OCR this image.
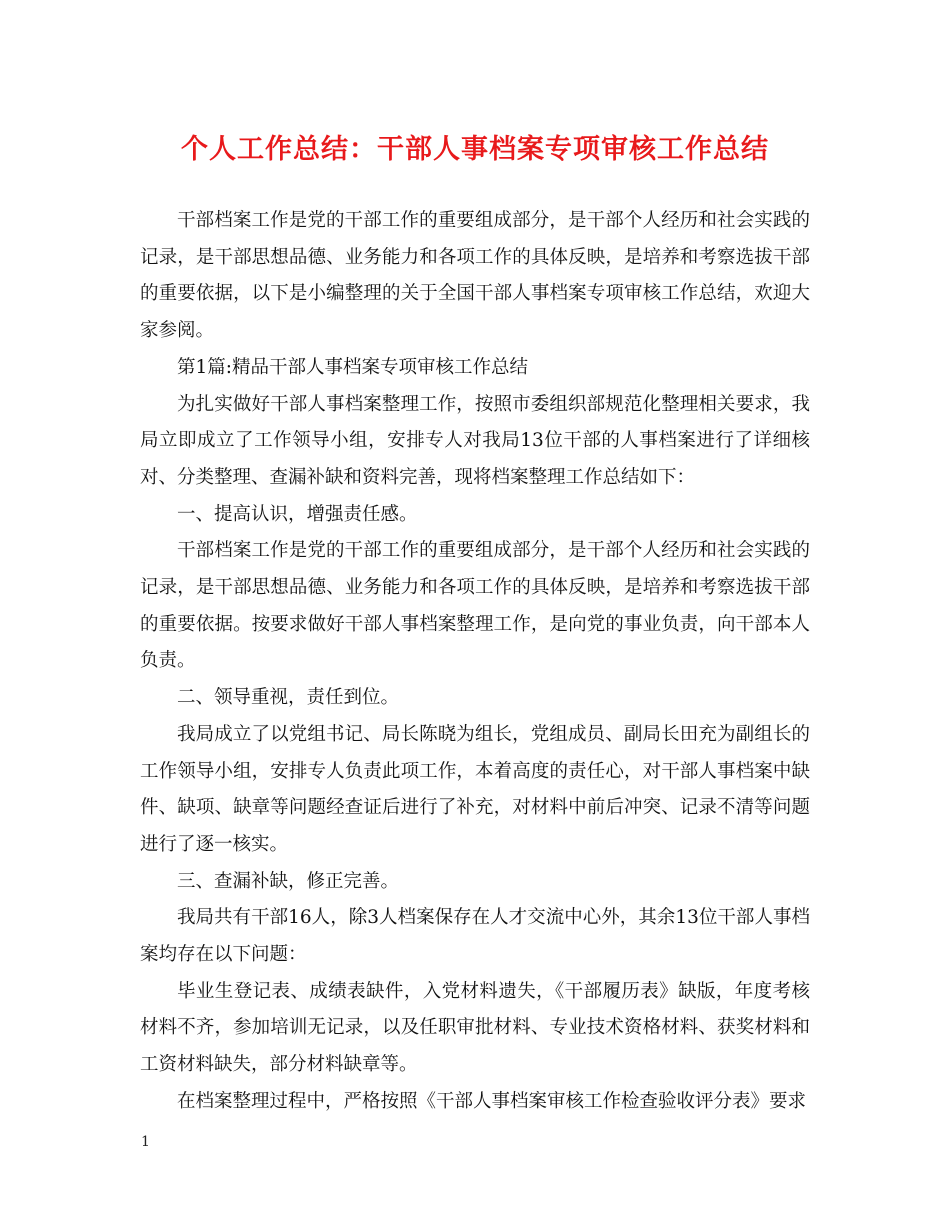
个人工作总结：干部人事档案专项审核工作总结

干部档案工作是党的干部工作的重要组成部分，是干部个人经历和社会实践的记录，是干部思想品德、业务能力和各项工作的具体反映，是培养和考察选拔干部的重要依据，以下是小编整理的关于全国干部人事档案专项审核工作总结，欢迎大家参阅。

第1篇:精品干部人事档案专项审核工作总结

为扎实做好干部人事档案整理工作，按照市委组织部规范化整理相关要求，我局立即成立了工作领导小组，安排专人对我局13位干部的人事档案进行了详细核对、分类整理、查漏补缺和资料完善，现将档案整理工作总结如下：

一、提高认识，增强责任感。

干部档案工作是党的干部工作的重要组成部分，是干部个人经历和社会实践的记录，是干部思想品德、业务能力和各项工作的具体反映，是培养和考察选拔干部的重要依据。按要求做好干部人事档案整理工作，是向党的事业负责，向干部本人负责。

二、领导重视，责任到位。

我局成立了以党组书记、局长陈晓为组长，党组成员、副局长田充为副组长的工作领导小组，安排专人负责此项工作，本着高度的责任心，对干部人事档案中缺件、缺项、缺章等问题经查证后进行了补充，对材料中前后冲突、记录不清等问题进行了逐一核实。

三、查漏补缺，修正完善。

我局共有干部16人，除3人档案保存在人才交流中心外，其余13位干部人事档案均存在以下问题：

毕业生登记表、成绩表缺件，入党材料遗失，《干部履历表》缺版，年度考核材料不齐，参加培训无记录，以及任职审批材料、专业技术资格材料、获奖材料和工资材料缺失，部分材料缺章等。

在档案整理过程中，严格按照《干部人事档案审核工作检查验收评分表》要求

1
